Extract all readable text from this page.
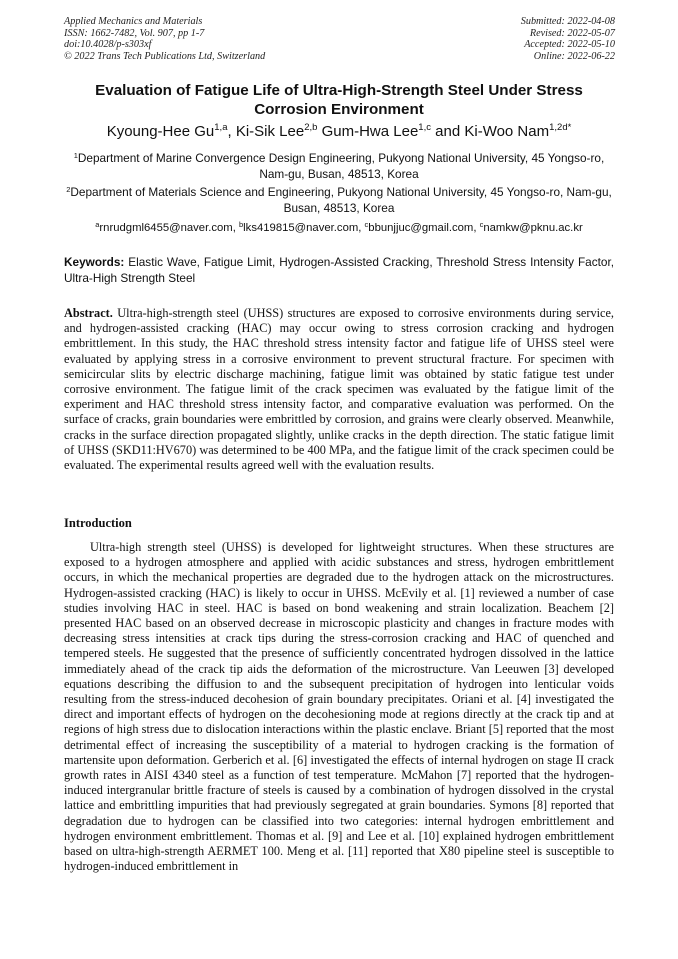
Applied Mechanics and Materials
ISSN: 1662-7482, Vol. 907, pp 1-7
doi:10.4028/p-s303xf
© 2022 Trans Tech Publications Ltd, Switzerland
Submitted: 2022-04-08
Revised: 2022-05-07
Accepted: 2022-05-10
Online: 2022-06-22
Evaluation of Fatigue Life of Ultra-High-Strength Steel Under Stress Corrosion Environment
Kyoung-Hee Gu$^{1,a}$, Ki-Sik Lee$^{2,b}$ Gum-Hwa Lee$^{1,c}$ and Ki-Woo Nam$^{1,2d*}$
$^1$Department of Marine Convergence Design Engineering, Pukyong National University, 45 Yongso-ro, Nam-gu, Busan, 48513, Korea
$^2$Department of Materials Science and Engineering, Pukyong National University, 45 Yongso-ro, Nam-gu, Busan, 48513, Korea
$^a$rnrudgml6455@naver.com, $^b$lks419815@naver.com, $^c$bbunjjuc@gmail.com, $^c$namkw@pknu.ac.kr
Keywords: Elastic Wave, Fatigue Limit, Hydrogen-Assisted Cracking, Threshold Stress Intensity Factor, Ultra-High Strength Steel
Abstract. Ultra-high-strength steel (UHSS) structures are exposed to corrosive environments during service, and hydrogen-assisted cracking (HAC) may occur owing to stress corrosion cracking and hydrogen embrittlement. In this study, the HAC threshold stress intensity factor and fatigue life of UHSS steel were evaluated by applying stress in a corrosive environment to prevent structural fracture. For specimen with semicircular slits by electric discharge machining, fatigue limit was obtained by static fatigue test under corrosive environment. The fatigue limit of the crack specimen was evaluated by the fatigue limit of the experiment and HAC threshold stress intensity factor, and comparative evaluation was performed. On the surface of cracks, grain boundaries were embrittled by corrosion, and grains were clearly observed. Meanwhile, cracks in the surface direction propagated slightly, unlike cracks in the depth direction. The static fatigue limit of UHSS (SKD11:HV670) was determined to be 400 MPa, and the fatigue limit of the crack specimen could be evaluated. The experimental results agreed well with the evaluation results.
Introduction
Ultra-high strength steel (UHSS) is developed for lightweight structures. When these structures are exposed to a hydrogen atmosphere and applied with acidic substances and stress, hydrogen embrittlement occurs, in which the mechanical properties are degraded due to the hydrogen attack on the microstructures. Hydrogen-assisted cracking (HAC) is likely to occur in UHSS. McEvily et al. [1] reviewed a number of case studies involving HAC in steel. HAC is based on bond weakening and strain localization. Beachem [2] presented HAC based on an observed decrease in microscopic plasticity and changes in fracture modes with decreasing stress intensities at crack tips during the stress-corrosion cracking and HAC of quenched and tempered steels. He suggested that the presence of sufficiently concentrated hydrogen dissolved in the lattice immediately ahead of the crack tip aids the deformation of the microstructure. Van Leeuwen [3] developed equations describing the diffusion to and the subsequent precipitation of hydrogen into lenticular voids resulting from the stress-induced decohesion of grain boundary precipitates. Oriani et al. [4] investigated the direct and important effects of hydrogen on the decohesioning mode at regions directly at the crack tip and at regions of high stress due to dislocation interactions within the plastic enclave. Briant [5] reported that the most detrimental effect of increasing the susceptibility of a material to hydrogen cracking is the formation of martensite upon deformation. Gerberich et al. [6] investigated the effects of internal hydrogen on stage II crack growth rates in AISI 4340 steel as a function of test temperature. McMahon [7] reported that the hydrogen-induced intergranular brittle fracture of steels is caused by a combination of hydrogen dissolved in the crystal lattice and embrittling impurities that had previously segregated at grain boundaries. Symons [8] reported that degradation due to hydrogen can be classified into two categories: internal hydrogen embrittlement and hydrogen environment embrittlement. Thomas et al. [9] and Lee et al. [10] explained hydrogen embrittlement based on ultra-high-strength AERMET 100. Meng et al. [11] reported that X80 pipeline steel is susceptible to hydrogen-induced embrittlement in
